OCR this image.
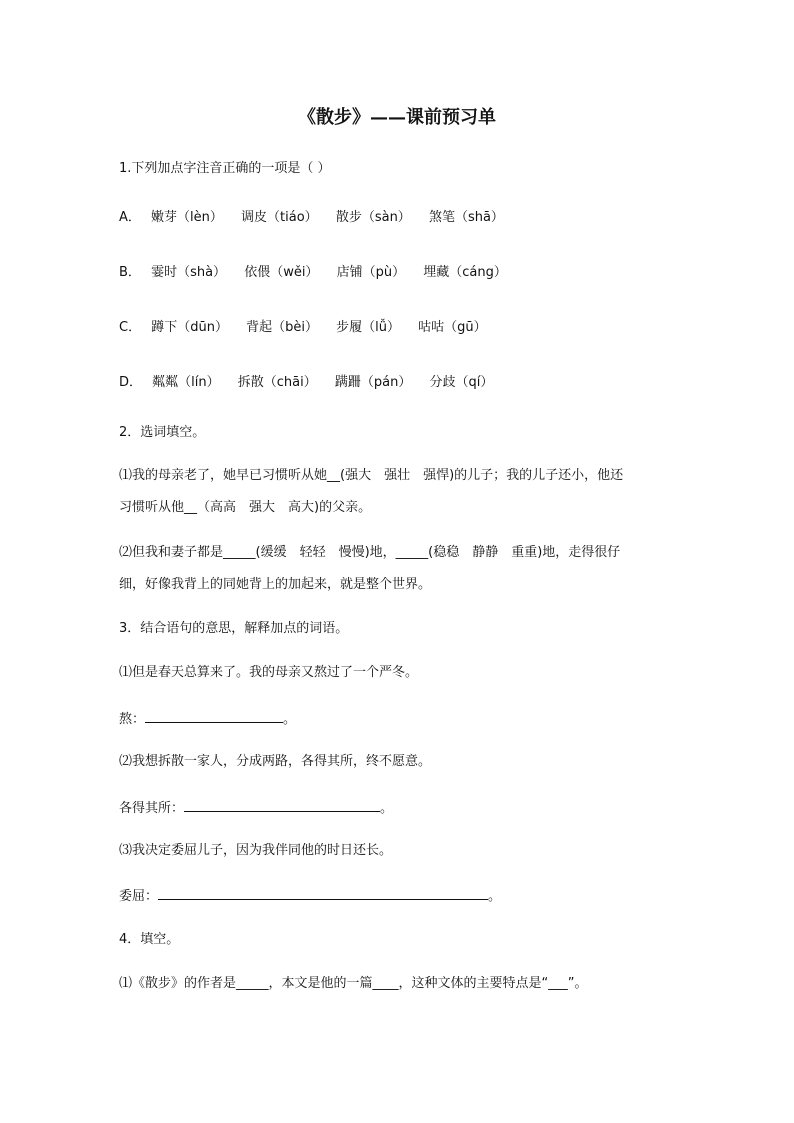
《散步》——课前预习单
1.下列加点字注音正确的一项是（ ）
A． 嫩芽（lèn） 调皮（tiáo） 散步（sàn） 煞笔（shā）
B． 霎时（shà） 依偎（wěi） 店铺（pù） 埋藏（cáng）
C． 蹲下（dūn） 背起（bèi） 步履（lǚ） 咕咕（gū）
D． 粼粼（lín） 拆散（chāi） 蹒跚（pán） 分歧（qí）
2．选词填空。
⑴我的母亲老了，她早已习惯听从她__(强大　强壮　强悍)的儿子；我的儿子还小，他还
习惯听从他__（高高　强大　高大)的父亲。
⑵但我和妻子都是_____(缓缓　轻轻　慢慢)地，_____(稳稳　静静　重重)地，走得很仔
细，好像我背上的同她背上的加起来，就是整个世界。
3．结合语句的意思，解释加点的词语。
⑴但是春天总算来了。我的母亲又熬过了一个严冬。
熬：	。
⑵我想拆散一家人，分成两路，各得其所，终不愿意。
各得其所：	。
⑶我决定委屈儿子，因为我伴同他的时日还长。
委屈：	。
4．填空。
⑴《散步》的作者是_____，本文是他的一篇____，这种文体的主要特点是“___”。
